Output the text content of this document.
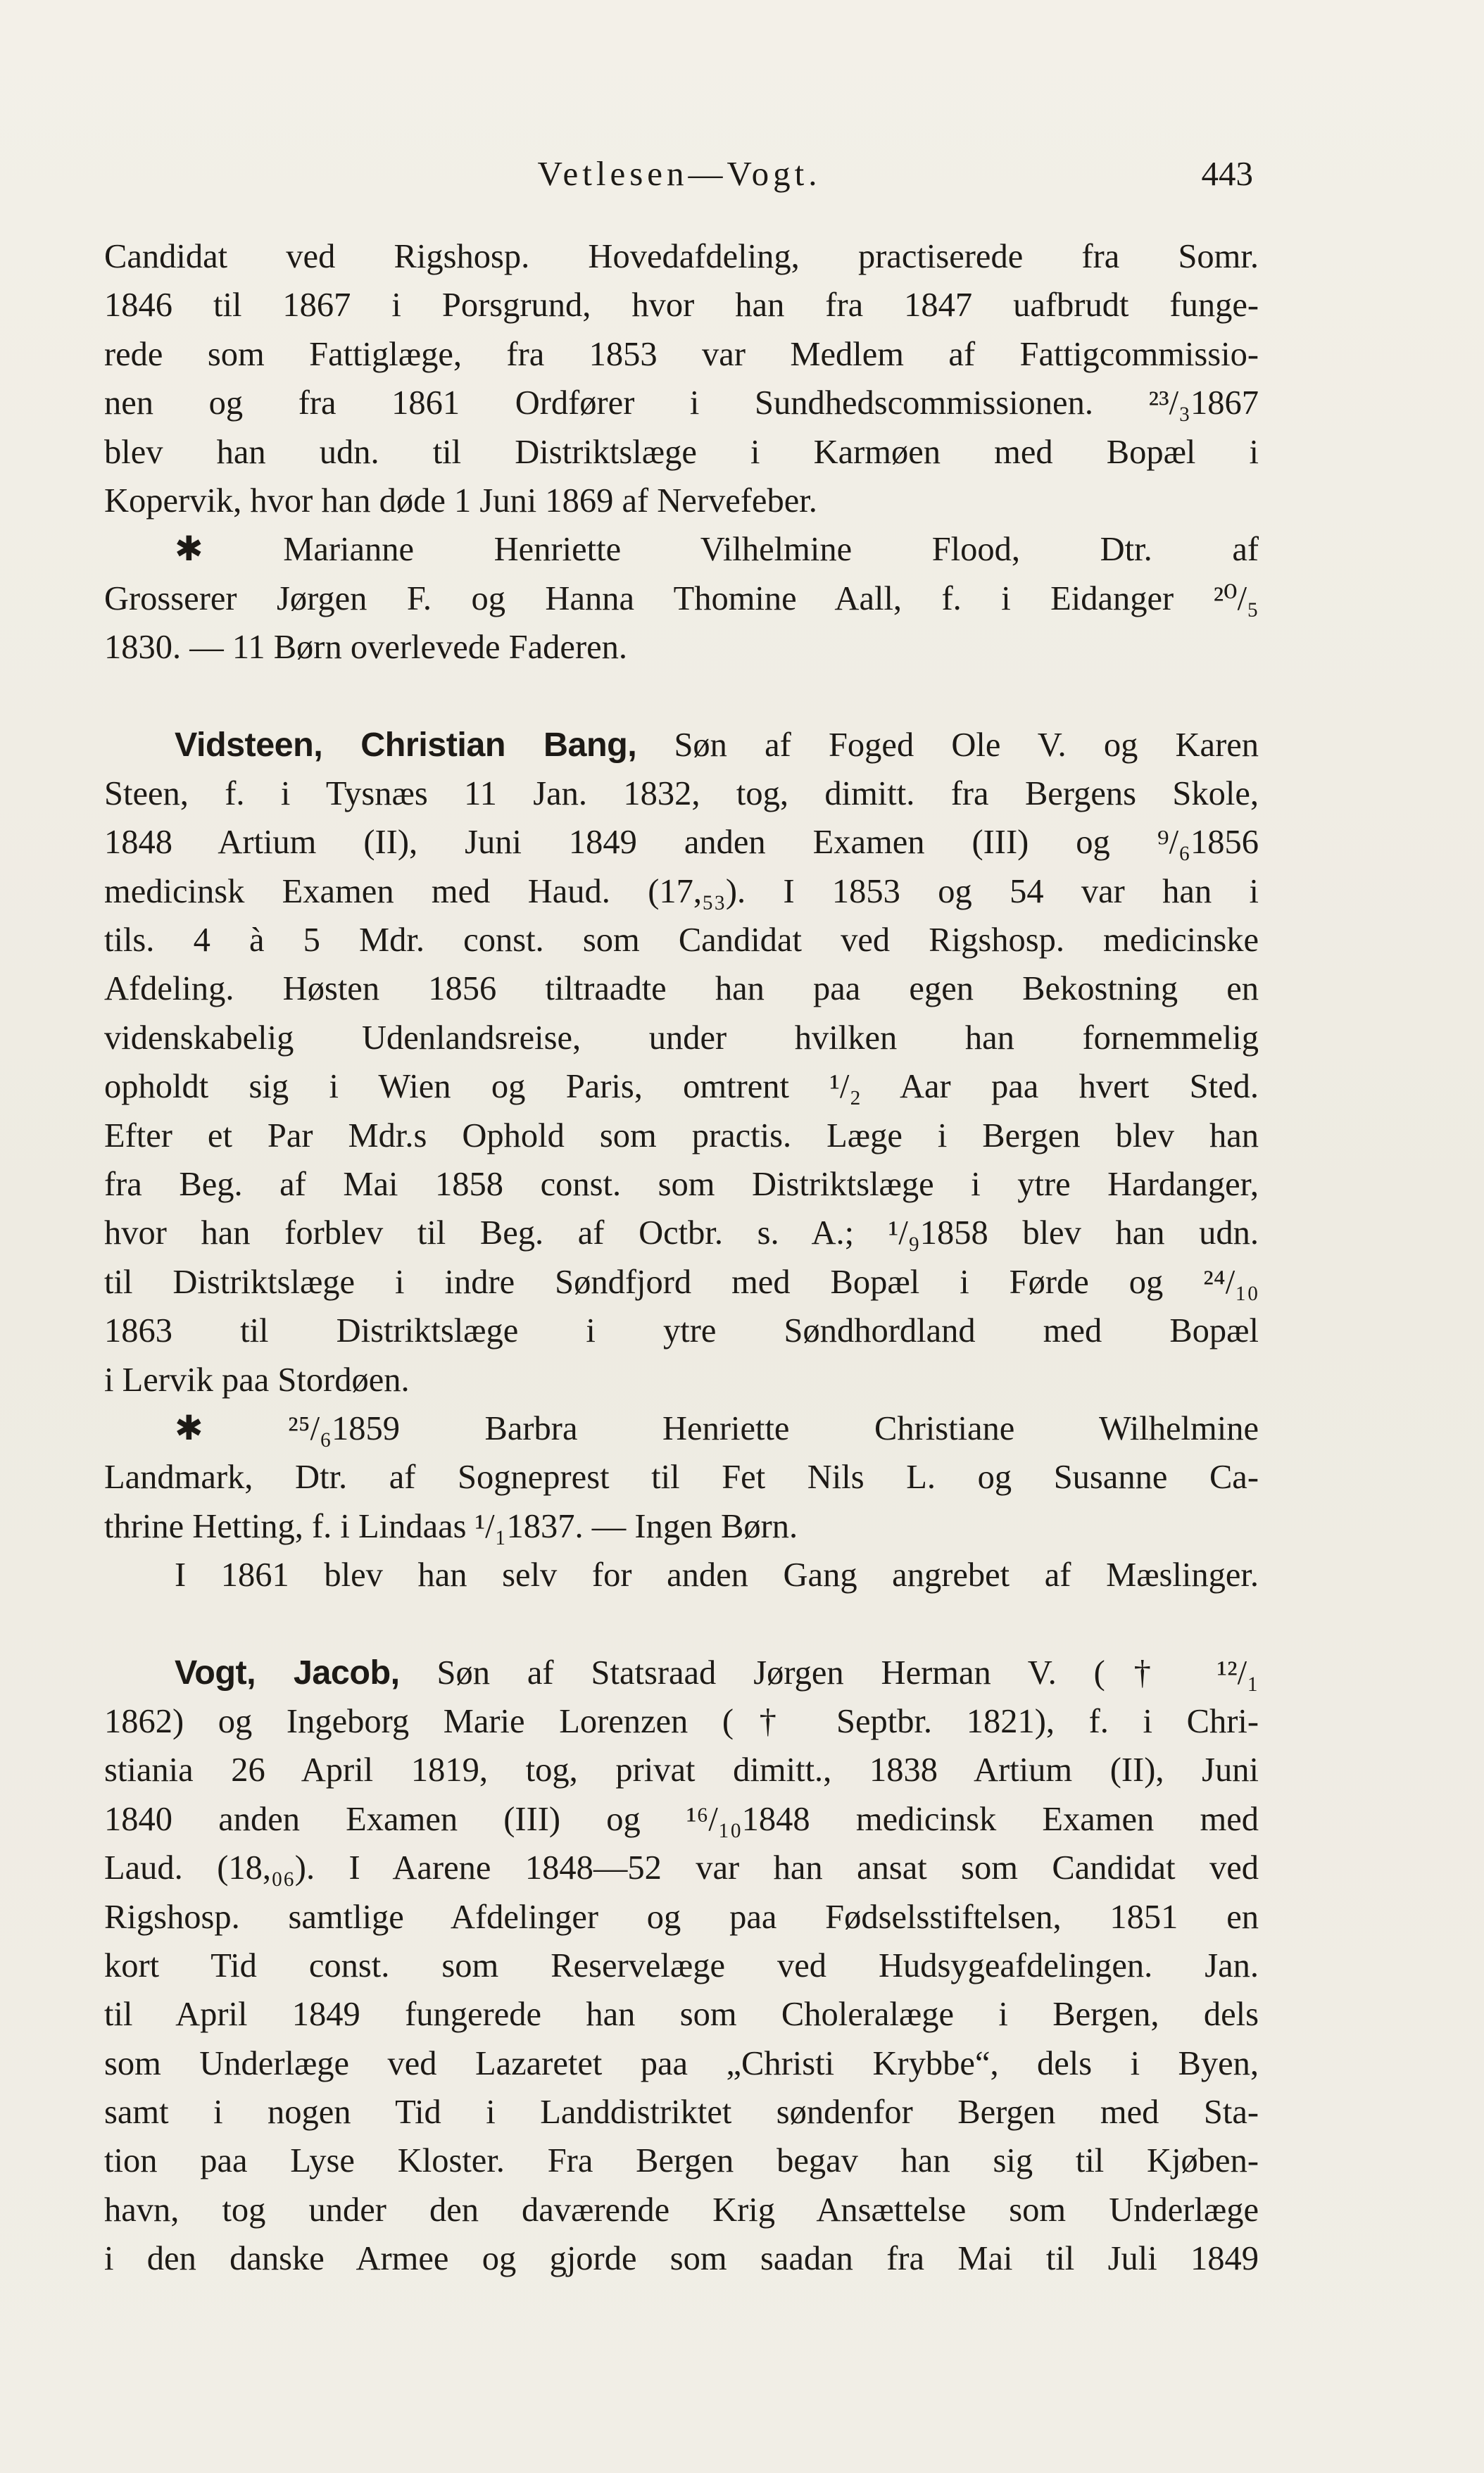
Vetlesen—Vogt.	443
Candidat ved Rigshosp. Hovedafdeling, practiserede fra Somr.
1846 til 1867 i Porsgrund, hvor han fra 1847 uafbrudt funge-
rede som Fattiglæge, fra 1853 var Medlem af Fattigcommissio-
nen og fra 1861 Ordfører i Sundhedscommissionen. ²³/₃1867
blev han udn. til Distriktslæge i Karmøen med Bopæl i
Kopervik, hvor han døde 1 Juni 1869 af Nervefeber.
✱ Marianne Henriette Vilhelmine Flood, Dtr. af
Grosserer Jørgen F. og Hanna Thomine Aall, f. i Eidanger ²⁰/₅
1830. — 11 Børn overlevede Faderen.
Vidsteen, Christian Bang, Søn af Foged Ole V. og Karen
Steen, f. i Tysnæs 11 Jan. 1832, tog, dimitt. fra Bergens Skole,
1848 Artium (II), Juni 1849 anden Examen (III) og ⁹/₆1856
medicinsk Examen med Haud. (17,₅₃). I 1853 og 54 var han i
tils. 4 à 5 Mdr. const. som Candidat ved Rigshosp. medicinske
Afdeling. Høsten 1856 tiltraadte han paa egen Bekostning en
videnskabelig Udenlandsreise, under hvilken han fornemmelig
opholdt sig i Wien og Paris, omtrent ¹/₂ Aar paa hvert Sted.
Efter et Par Mdr.s Ophold som practis. Læge i Bergen blev han
fra Beg. af Mai 1858 const. som Distriktslæge i ytre Hardanger,
hvor han forblev til Beg. af Octbr. s. A.; ¹/₉1858 blev han udn.
til Distriktslæge i indre Søndfjord med Bopæl i Førde og ²⁴/₁₀
1863 til Distriktslæge i ytre Søndhordland med Bopæl
i Lervik paa Stordøen.
✱ ²⁵/₆1859 Barbra Henriette Christiane Wilhelmine
Landmark, Dtr. af Sogneprest til Fet Nils L. og Susanne Ca-
thrine Hetting, f. i Lindaas ¹/₁1837. — Ingen Børn.
I 1861 blev han selv for anden Gang angrebet af Mæslinger.
Vogt, Jacob, Søn af Statsraad Jørgen Herman V. († ¹²/₁
1862) og Ingeborg Marie Lorenzen († Septbr. 1821), f. i Chri-
stiania 26 April 1819, tog, privat dimitt., 1838 Artium (II), Juni
1840 anden Examen (III) og ¹⁶/₁₀1848 medicinsk Examen med
Laud. (18,₀₆). I Aarene 1848—52 var han ansat som Candidat ved
Rigshosp. samtlige Afdelinger og paa Fødselsstiftelsen, 1851 en
kort Tid const. som Reservelæge ved Hudsygeafdelingen. Jan.
til April 1849 fungerede han som Choleralæge i Bergen, dels
som Underlæge ved Lazaretet paa „Christi Krybbe“, dels i Byen,
samt i nogen Tid i Landdistriktet søndenfor Bergen med Sta-
tion paa Lyse Kloster. Fra Bergen begav han sig til Kjøben-
havn, tog under den daværende Krig Ansættelse som Underlæge
i den danske Armee og gjorde som saadan fra Mai til Juli 1849
